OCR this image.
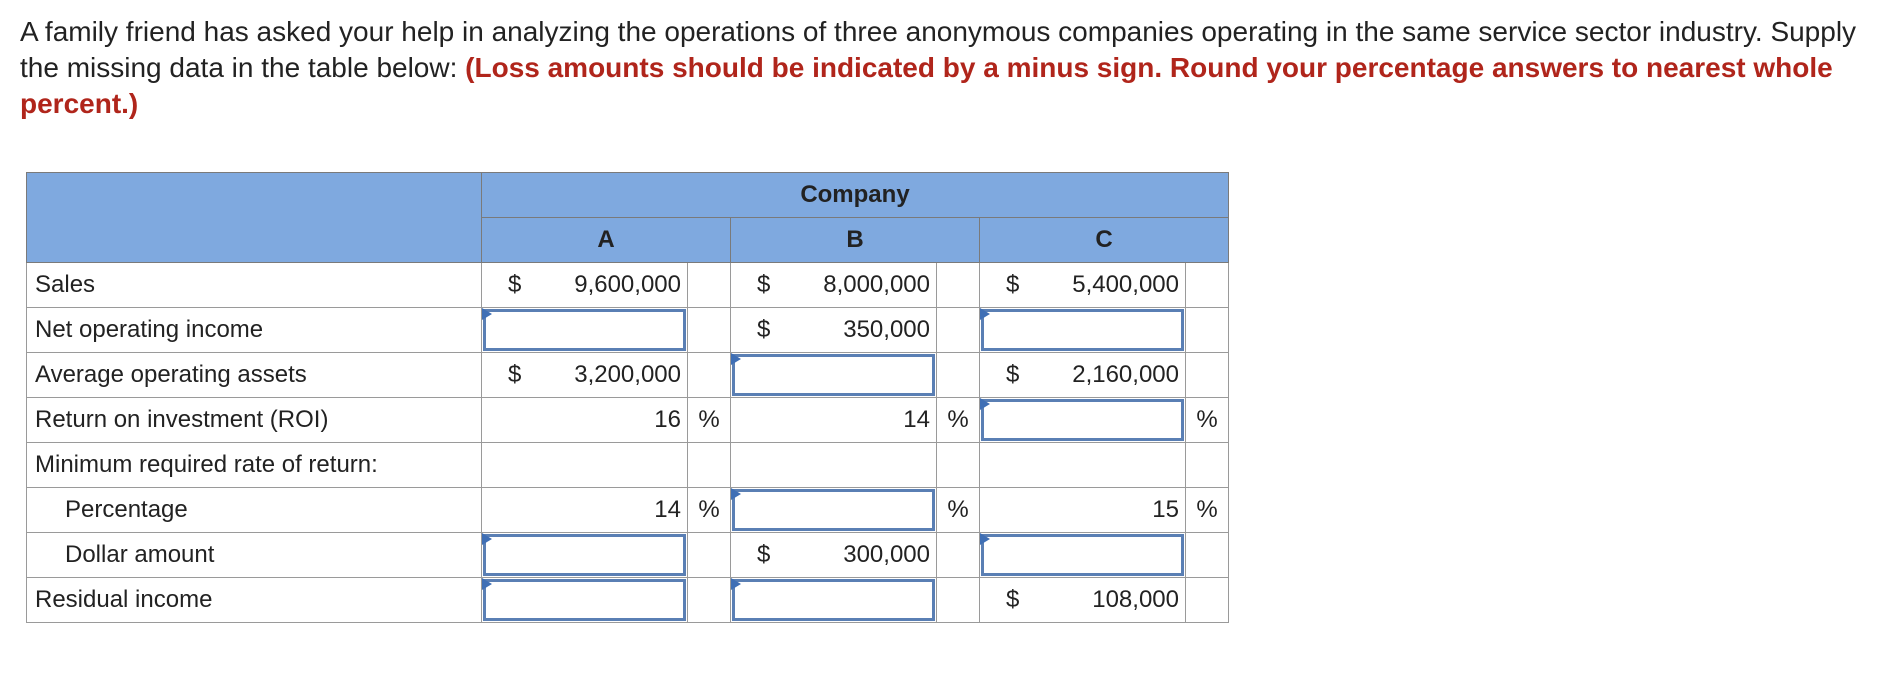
A family friend has asked your help in analyzing the operations of three anonymous companies operating in the same service sector industry. Supply the missing data in the table below: (Loss amounts should be indicated by a minus sign. Round your percentage answers to nearest whole percent.)
	Company					
	A		B		C	
Sales	$ 9,600,000		$ 8,000,000		$ 5,400,000	

Net operating income			$ 350,000			

Average operating assets	$ 3,200,000				$ 2,160,000	

Return on investment (ROI)	16	%	14	%		%
Minimum required rate of return:						
Percentage	14	%		%	15	%
Dollar amount			$ 300,000			

Residual income					$ 108,000	
